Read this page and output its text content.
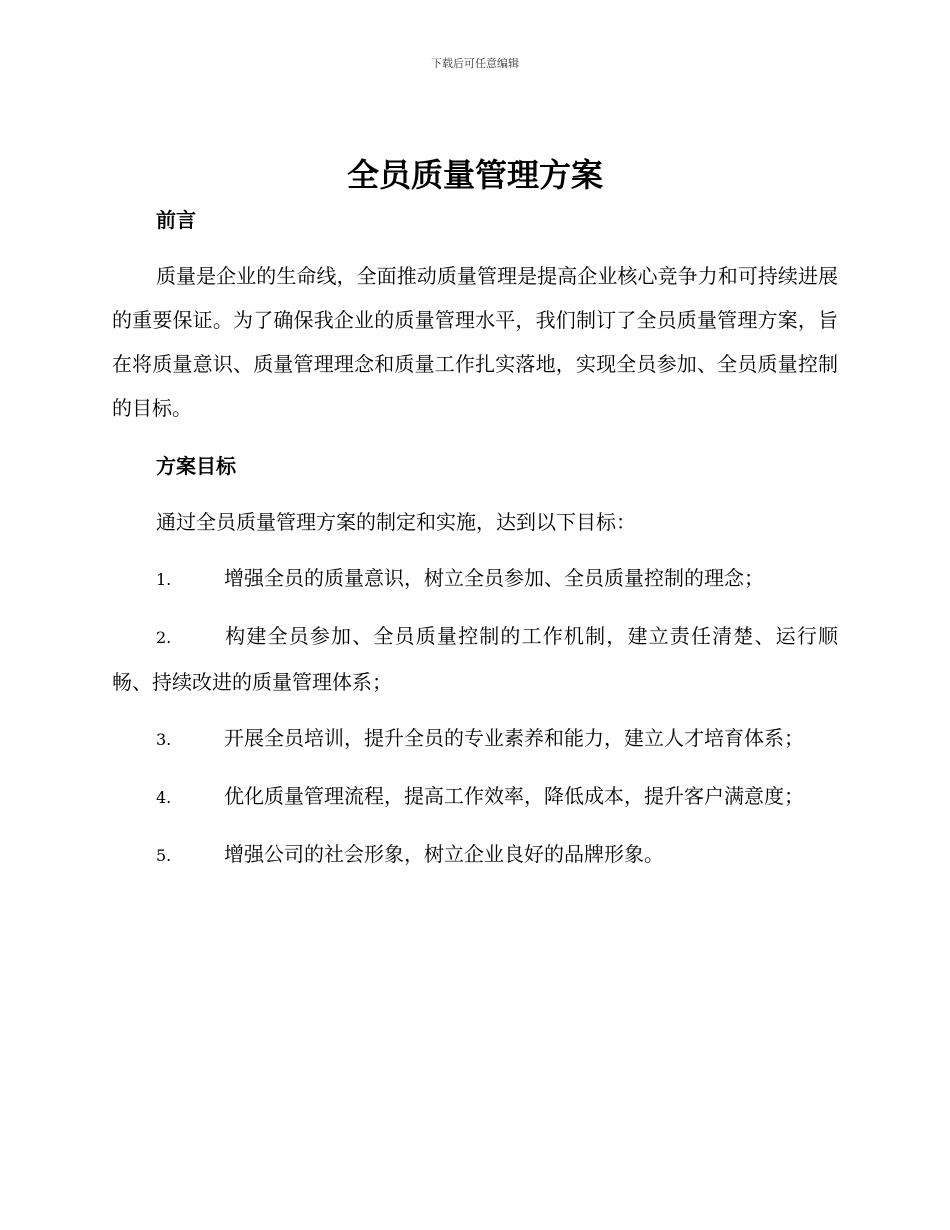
下载后可任意编辑
全员质量管理方案

前言

质量是企业的生命线，全面推动质量管理是提高企业核心竞争力和可持续进展的重要保证。为了确保我企业的质量管理水平，我们制订了全员质量管理方案，旨在将质量意识、质量管理理念和质量工作扎实落地，实现全员参加、全员质量控制的目标。

方案目标

通过全员质量管理方案的制定和实施，达到以下目标：

1.	增强全员的质量意识，树立全员参加、全员质量控制的理念；

2.	构建全员参加、全员质量控制的工作机制，建立责任清楚、运行顺畅、持续改进的质量管理体系；

3.	开展全员培训，提升全员的专业素养和能力，建立人才培育体系；

4.	优化质量管理流程，提高工作效率，降低成本，提升客户满意度；

5.	增强公司的社会形象，树立企业良好的品牌形象。
